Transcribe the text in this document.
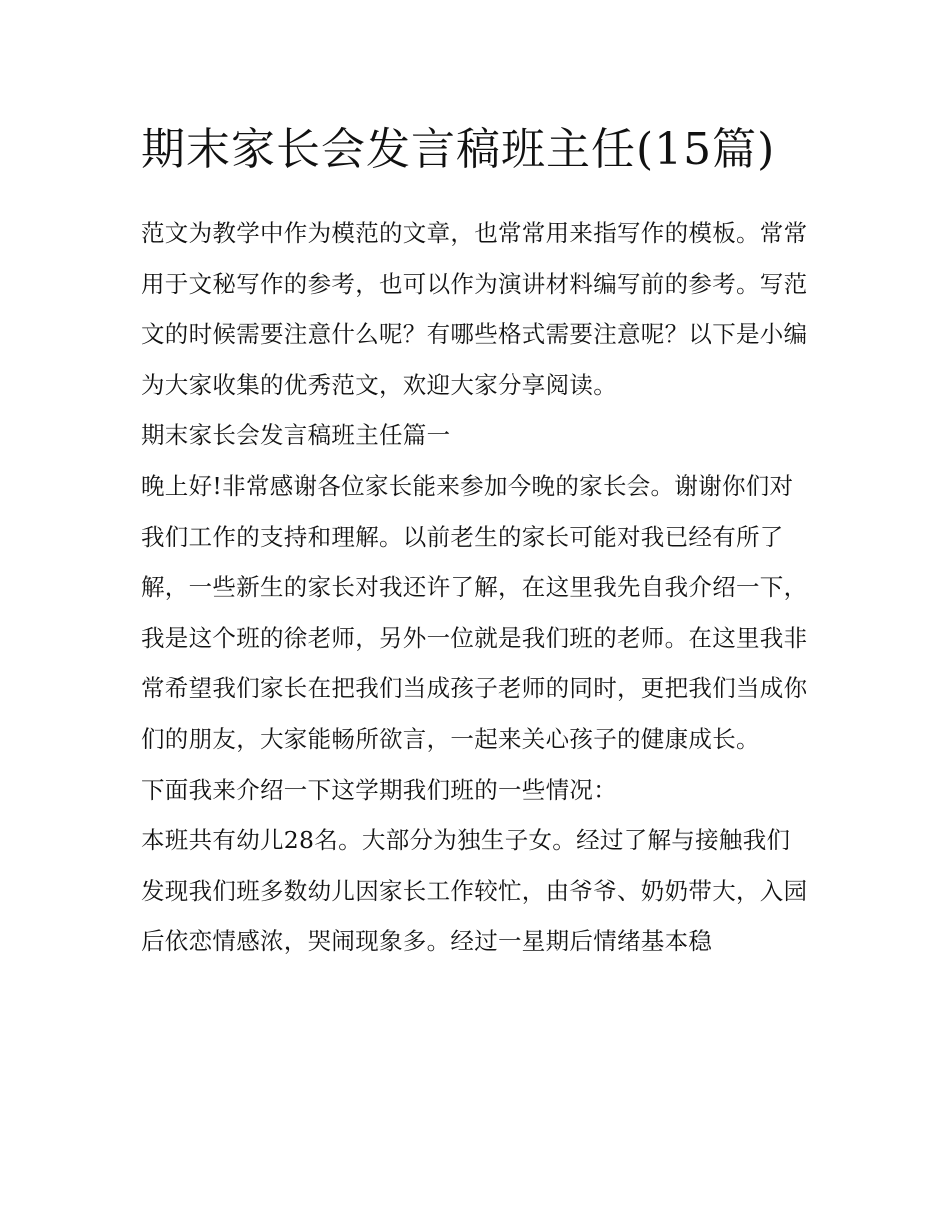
期末家长会发言稿班主任(15篇)

范文为教学中作为模范的文章，也常常用来指写作的模板。常常用于文秘写作的参考，也可以作为演讲材料编写前的参考。写范文的时候需要注意什么呢？有哪些格式需要注意呢？以下是小编为大家收集的优秀范文，欢迎大家分享阅读。

期末家长会发言稿班主任篇一

晚上好!非常感谢各位家长能来参加今晚的家长会。谢谢你们对我们工作的支持和理解。以前老生的家长可能对我已经有所了解，一些新生的家长对我还许了解，在这里我先自我介绍一下，我是这个班的徐老师，另外一位就是我们班的老师。在这里我非常希望我们家长在把我们当成孩子老师的同时，更把我们当成你们的朋友，大家能畅所欲言，一起来关心孩子的健康成长。

下面我来介绍一下这学期我们班的一些情况：

本班共有幼儿28名。大部分为独生子女。经过了解与接触我们发现我们班多数幼儿因家长工作较忙，由爷爷、奶奶带大，入园后依恋情感浓，哭闹现象多。经过一星期后情绪基本稳
